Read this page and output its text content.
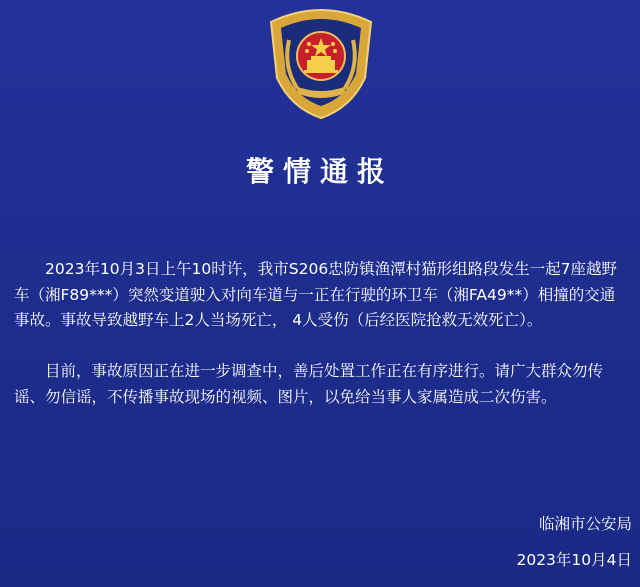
警情通报

2023年10月3日上午10时许，我市S206忠防镇渔潭村猫形组路段发生一起7座越野车（湘F89***）突然变道驶入对向车道与一正在行驶的环卫车（湘FA49**）相撞的交通事故。事故导致越野车上2人当场死亡， 4人受伤（后经医院抢救无效死亡）。

目前，事故原因正在进一步调查中，善后处置工作正在有序进行。请广大群众勿传谣、勿信谣，不传播事故现场的视频、图片，以免给当事人家属造成二次伤害。

临湘市公安局
2023年10月4日
